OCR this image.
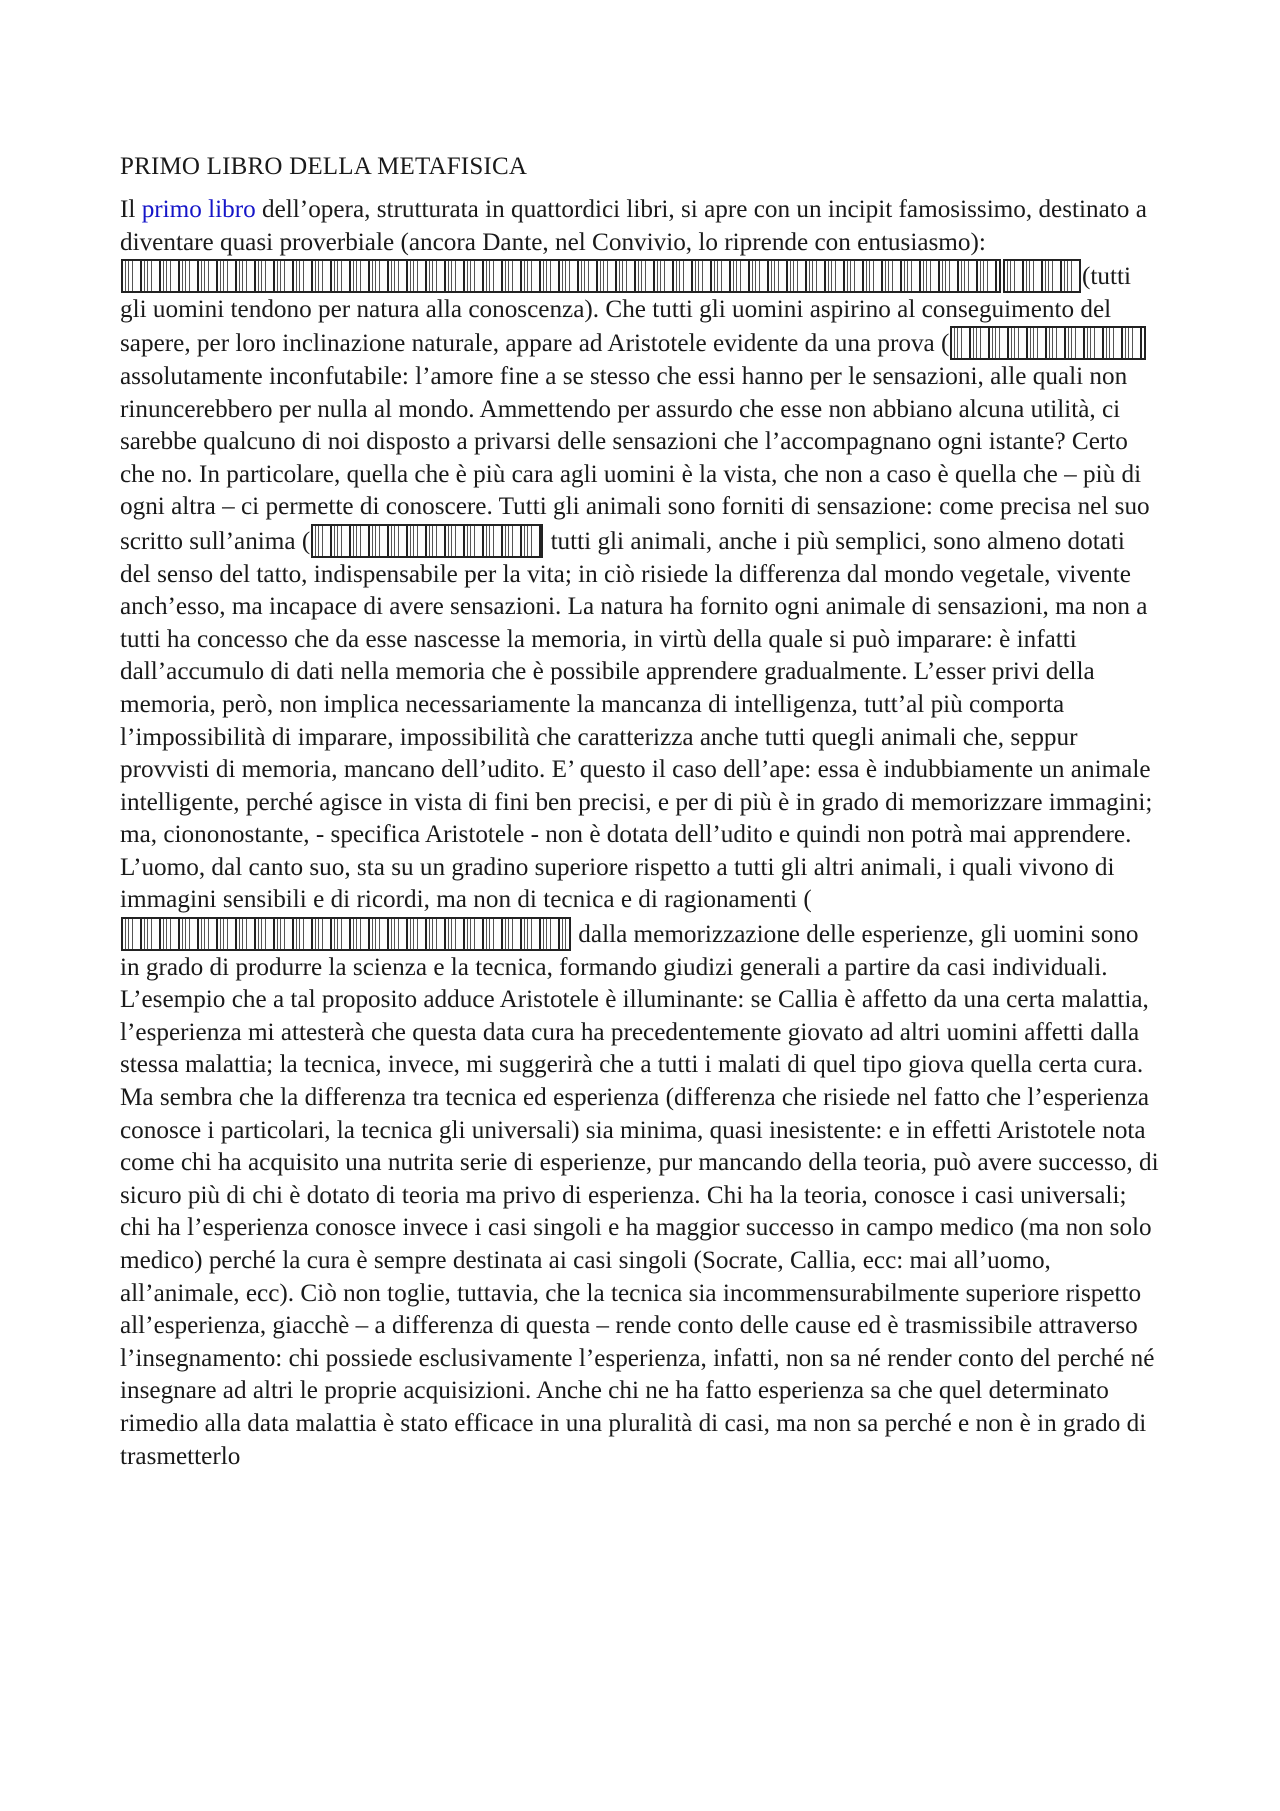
PRIMO LIBRO DELLA METAFISICA

Il primo libro dell’opera, strutturata in quattordici libri, si apre con un incipit famosissimo, destinato a diventare quasi proverbiale (ancora Dante, nel Convivio, lo riprende con entusiasmo): (tutti gli uomini tendono per natura alla conoscenza). Che tutti gli uomini aspirino al conseguimento del sapere, per loro inclinazione naturale, appare ad Aristotele evidente da una prova (assolutamente inconfutabile: l’amore fine a se stesso che essi hanno per le sensazioni, alle quali non rinuncerebbero per nulla al mondo. Ammettendo per assurdo che esse non abbiano alcuna utilità, ci sarebbe qualcuno di noi disposto a privarsi delle sensazioni che l’accompagnano ogni istante? Certo che no. In particolare, quella che è più cara agli uomini è la vista, che non a caso è quella che – più di ogni altra – ci permette di conoscere. Tutti gli animali sono forniti di sensazione: come precisa nel suo scritto sull’anima (	tutti gli animali, anche i più semplici, sono almeno dotati del senso del tatto, indispensabile per la vita; in ciò risiede la differenza dal mondo vegetale, vivente anch’esso, ma incapace di avere sensazioni. La natura ha fornito ogni animale di sensazioni, ma non a tutti ha concesso che da esse nascesse la memoria, in virtù della quale si può imparare: è infatti dall’accumulo di dati nella memoria che è possibile apprendere gradualmente. L’esser privi della memoria, però, non implica necessariamente la mancanza di intelligenza, tutt’al più comporta l’impossibilità di imparare, impossibilità che caratterizza anche tutti quegli animali che, seppur provvisti di memoria, mancano dell’udito. E’ questo il caso dell’ape: essa è indubbiamente un animale intelligente, perché agisce in vista di fini ben precisi, e per di più è in grado di memorizzare immagini; ma, ciononostante, - specifica Aristotele - non è dotata dell’udito e quindi non potrà mai apprendere. L’uomo, dal canto suo, sta su un gradino superiore rispetto a tutti gli altri animali, i quali vivono di immagini sensibili e di ricordi, ma non di tecnica e di ragionamenti ( dalla memorizzazione delle esperienze, gli uomini sono in grado di produrre la scienza e la tecnica, formando giudizi generali a partire da casi individuali. L’esempio che a tal proposito adduce Aristotele è illuminante: se Callia è affetto da una certa malattia, l’esperienza mi attesterà che questa data cura ha precedentemente giovato ad altri uomini affetti dalla stessa malattia; la tecnica, invece, mi suggerirà che a tutti i malati di quel tipo giova quella certa cura. Ma sembra che la differenza tra tecnica ed esperienza (differenza che risiede nel fatto che l’esperienza conosce i particolari, la tecnica gli universali) sia minima, quasi inesistente: e in effetti Aristotele nota come chi ha acquisito una nutrita serie di esperienze, pur mancando della teoria, può avere successo, di sicuro più di chi è dotato di teoria ma privo di esperienza. Chi ha la teoria, conosce i casi universali; chi ha l’esperienza conosce invece i casi singoli e ha maggior successo in campo medico (ma non solo medico) perché la cura è sempre destinata ai casi singoli (Socrate, Callia, ecc: mai all’uomo, all’animale, ecc). Ciò non toglie, tuttavia, che la tecnica sia incommensurabilmente superiore rispetto all’esperienza, giacchè – a differenza di questa – rende conto delle cause ed è trasmissibile attraverso l’insegnamento: chi possiede esclusivamente l’esperienza, infatti, non sa né render conto del perché né insegnare ad altri le proprie acquisizioni. Anche chi ne ha fatto esperienza sa che quel determinato rimedio alla data malattia è stato efficace in una pluralità di casi, ma non sa perché e non è in grado di trasmetterlo
